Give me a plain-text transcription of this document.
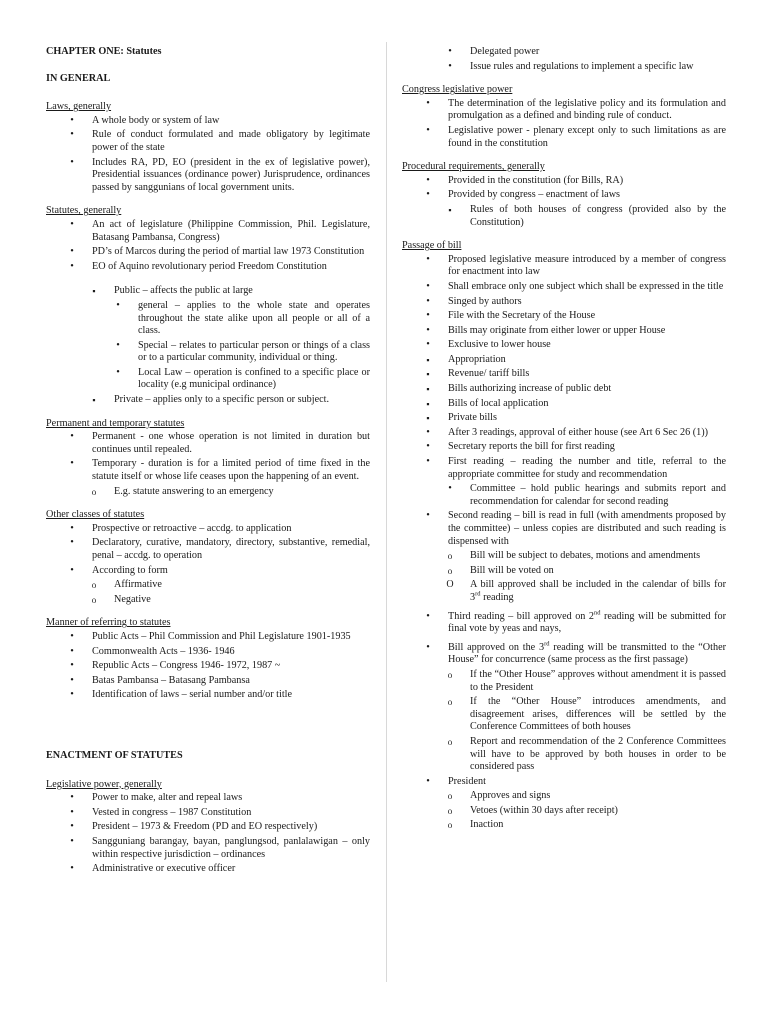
CHAPTER ONE: Statutes
IN GENERAL
Laws, generally
•
A whole body or system of law
•
Rule of conduct formulated and made obligatory by legitimate power of the state
•
Includes RA, PD, EO (president in the ex of legislative power), Presidential issuances (ordinance power) Jurisprudence, ordinances passed by sanggunians of local government units.
Statutes, generally
•
An act of legislature (Philippine Commission, Phil. Legislature, Batasang Pambansa, Congress)
•
PD’s of Marcos during the period of martial law 1973 Constitution
•
EO of Aquino revolutionary period Freedom Constitution
▪
Public – affects the public at large
•
general – applies to the whole state and operates throughout the state alike upon all people or all of a class.
•
Special – relates to particular person or things of a class or to a particular community, individual or thing.
•
Local Law – operation is confined to a specific place or locality (e.g municipal ordinance)
▪
Private – applies only to a specific person or subject.
Permanent and temporary statutes
•
Permanent - one whose operation is not limited in duration but continues until repealed.
•
Temporary - duration is for a limited period of time fixed in the statute itself or whose life ceases upon the happening of an event.
o
E.g. statute answering to an emergency
Other classes of statutes
•
Prospective or retroactive – accdg. to application
•
Declaratory, curative, mandatory, directory, substantive, remedial, penal – accdg. to operation
•
According to form
o
Affirmative
o
Negative
Manner of referring to statutes
•
Public Acts – Phil Commission and Phil Legislature 1901-1935
•
Commonwealth Acts – 1936- 1946
•
Republic Acts – Congress 1946- 1972, 1987 ~
•
Batas Pambansa – Batasang Pambansa
•
Identification of laws – serial number and/or title
ENACTMENT OF STATUTES
Legislative power, generally
•
Power to make, alter and repeal laws
•
Vested in congress – 1987 Constitution
•
President – 1973 & Freedom (PD and EO respectively)
•
Sangguniang barangay, bayan, panglungsod, panlalawigan – only within respective jurisdiction – ordinances
•
Administrative or executive officer
•
Delegated power
•
Issue rules and regulations to implement a specific law
Congress legislative power
•
The determination of the legislative policy and its formulation and promulgation as a defined and binding rule of conduct.
•
Legislative power - plenary except only to such limitations as are found in the constitution
Procedural requirements, generally
•
Provided in the constitution (for Bills, RA)
•
Provided by congress – enactment of laws
▪
Rules of both houses of congress (provided also by the Constitution)
Passage of bill
•
Proposed legislative measure introduced by a member of congress for enactment into law
•
Shall embrace only one subject which shall be expressed in the title
•
Singed by authors
•
File with the Secretary of the House
•
Bills may originate from either lower or upper House
•
Exclusive to lower house
▪
Appropriation
▪
Revenue/ tariff bills
▪
Bills authorizing increase of public debt
▪
Bills of local application
▪
Private bills
•
After 3 readings, approval of either house (see Art 6 Sec 26 (1))
•
Secretary reports the bill for first reading
•
First reading – reading the number and title, referral to the appropriate committee for study and recommendation
•
Committee – hold public hearings and submits report and recommendation for calendar for second reading
•
Second reading – bill is read in full (with amendments proposed by the committee) – unless copies are distributed and such reading is dispensed with
o
Bill will be subject to debates, motions and amendments
o
Bill will be voted on
O
A bill approved shall be included in the calendar of bills for 3rd reading
•
Third reading – bill approved on 2nd reading will be submitted for final vote by yeas and nays,
•
Bill approved on the 3rd reading will be transmitted to the “Other House” for concurrence (same process as the first passage)
o
If the “Other House” approves without amendment it is passed to the President
o
If the “Other House” introduces amendments, and disagreement arises, differences will be settled by the Conference Committees of both houses
o
Report and recommendation of the 2 Conference Committees will have to be approved by both houses in order to be considered pass
•
President
o
Approves and signs
o
Vetoes (within 30 days after receipt)
o
Inaction
